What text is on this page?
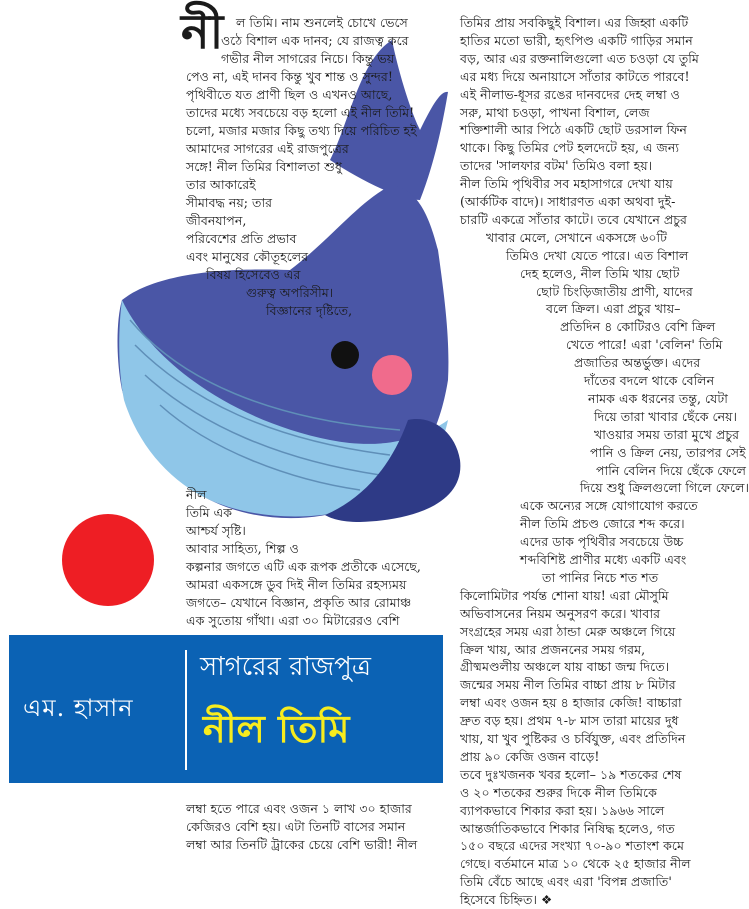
নী ল তিমি। নাম শুনলেই চোখে ভেসে
ওঠে বিশাল এক দানব; যে রাজত্ব করে
গভীর নীল সাগরের নিচে। কিন্তু ভয়
পেও না, এই দানব কিন্তু খুব শান্ত ও সুন্দর!
পৃথিবীতে যত প্রাণী ছিল ও এখনও আছে,
তাদের মধ্যে সবচেয়ে বড় হলো এই নীল তিমি!
চলো, মজার মজার কিছু তথ্য দিয়ে পরিচিত হই
আমাদের সাগরের এই রাজপুত্রের
সঙ্গে! নীল তিমির বিশালতা শুধু
তার আকারেই
সীমাবদ্ধ নয়; তার
জীবনযাপন,
পরিবেশের প্রতি প্রভাব
এবং মানুষের কৌতূহলের
বিষয় হিসেবেও এর
গুরুত্ব অপরিসীম।
বিজ্ঞানের দৃষ্টিতে,
নীল
তিমি এক
আশ্চর্য সৃষ্টি।
আবার সাহিত্য, শিল্প ও
কল্পনার জগতে এটি এক রূপক প্রতীকে এসেছে,
আমরা একসঙ্গে ডুব দিই নীল তিমির রহস্যময়
জগতে– যেখানে বিজ্ঞান, প্রকৃতি আর রোমাঞ্চ
এক সুতোয় গাঁথা। এরা ৩০ মিটারেরও বেশি
এম. হাসান
সাগরের রাজপুত্র
নীল তিমি
লম্বা হতে পারে এবং ওজন ১ লাখ ৩০ হাজার
কেজিরও বেশি হয়। এটা তিনটি বাসের সমান
লম্বা আর তিনটি ট্রাকের চেয়ে বেশি ভারী! নীল
তিমির প্রায় সবকিছুই বিশাল। এর জিহ্বা একটি
হাতির মতো ভারী, হৃৎপিণ্ড একটি গাড়ির সমান
বড়, আর এর রক্তনালিগুলো এত চওড়া যে তুমি
এর মধ্য দিয়ে অনায়াসে সাঁতার কাটতে পারবে!
এই নীলাভ-ধূসর রঙের দানবদের দেহ লম্বা ও
সরু, মাথা চওড়া, পাখনা বিশাল, লেজ
শক্তিশালী আর পিঠে একটি ছোট ডরসাল ফিন
থাকে। কিছু তিমির পেট হলদেটে হয়, এ জন্য
তাদের 'সালফার বটম' তিমিও বলা হয়।
নীল তিমি পৃথিবীর সব মহাসাগরে দেখা যায়
(আর্কটিক বাদে)। সাধারণত একা অথবা দুই-
চারটি একত্রে সাঁতার কাটে। তবে যেখানে প্রচুর
খাবার মেলে, সেখানে একসঙ্গে ৬০টি
তিমিও দেখা যেতে পারে। এত বিশাল
দেহ হলেও, নীল তিমি খায় ছোট
ছোট চিংড়িজাতীয় প্রাণী, যাদের
বলে ক্রিল। এরা প্রচুর খায়–
প্রতিদিন ৪ কোটিরও বেশি ক্রিল
খেতে পারে! এরা 'বেলিন' তিমি
প্রজাতির অন্তর্ভুক্ত। এদের
দাঁতের বদলে থাকে বেলিন
নামক এক ধরনের তন্তু, যেটা
দিয়ে তারা খাবার ছেঁকে নেয়।
খাওয়ার সময় তারা মুখে প্রচুর
পানি ও ক্রিল নেয়, তারপর সেই
পানি বেলিন দিয়ে ছেঁকে ফেলে
দিয়ে শুধু ক্রিলগুলো গিলে ফেলে।
একে অন্যের সঙ্গে যোগাযোগ করতে
নীল তিমি প্রচণ্ড জোরে শব্দ করে।
এদের ডাক পৃথিবীর সবচেয়ে উচ্চ
শব্দবিশিষ্ট প্রাণীর মধ্যে একটি এবং
তা পানির নিচে শত শত
কিলোমিটার পর্যন্ত শোনা যায়! এরা মৌসুমি
অভিবাসনের নিয়ম অনুসরণ করে। খাবার
সংগ্রহের সময় এরা ঠান্ডা মেরু অঞ্চলে গিয়ে
ক্রিল খায়, আর প্রজননের সময় গরম,
গ্রীষ্মমণ্ডলীয় অঞ্চলে যায় বাচ্চা জন্ম দিতে।
জন্মের সময় নীল তিমির বাচ্চা প্রায় ৮ মিটার
লম্বা এবং ওজন হয় ৪ হাজার কেজি! বাচ্চারা
দ্রুত বড় হয়। প্রথম ৭-৮ মাস তারা মায়ের দুধ
খায়, যা খুব পুষ্টিকর ও চর্বিযুক্ত, এবং প্রতিদিন
প্রায় ৯০ কেজি ওজন বাড়ে!
তবে দুঃখজনক খবর হলো– ১৯ শতকের শেষ
ও ২০ শতকের শুরুর দিকে নীল তিমিকে
ব্যাপকভাবে শিকার করা হয়। ১৯৬৬ সালে
আন্তর্জাতিকভাবে শিকার নিষিদ্ধ হলেও, গত
১৫০ বছরে এদের সংখ্যা ৭০-৯০ শতাংশ কমে
গেছে। বর্তমানে মাত্র ১০ থেকে ২৫ হাজার নীল
তিমি বেঁচে আছে এবং এরা 'বিপন্ন প্রজাতি'
হিসেবে চিহ্নিত। ❖
